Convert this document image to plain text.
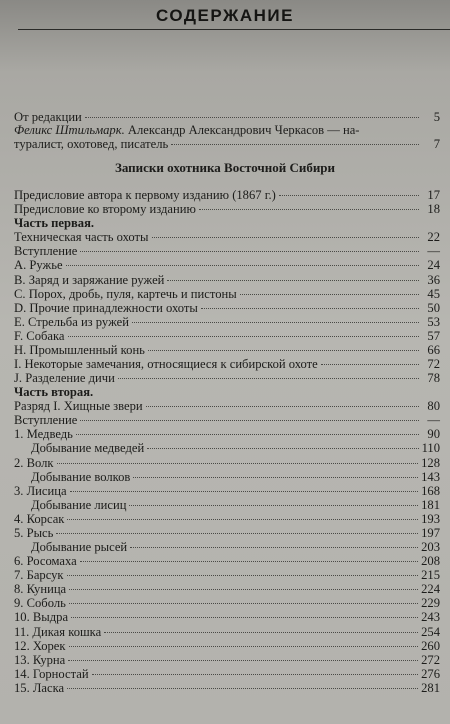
СОДЕРЖАНИЕ
От редакции	5
Феликс Штильмарк. Александр Александрович Черкасов — на-
туралист, охотовед, писатель	7
Записки охотника Восточной Сибири
Предисловие автора к первому изданию (1867 г.)	17
Предисловие ко второму изданию	18
Часть первая.
Техническая часть охоты	22
Вступление	—
A. Ружье	24
B. Заряд и заряжание ружей	36
C. Порох, дробь, пуля, картечь и пистоны	45
D. Прочие принадлежности охоты	50
E. Стрельба из ружей	53
F. Собака	57
H. Промышленный конь	66
I. Некоторые замечания, относящиеся к сибирской охоте	72
J. Разделение дичи	78
Часть вторая.
Разряд I. Хищные звери	80
Вступление	—
1. Медведь	90
Добывание медведей	110
2. Волк	128
Добывание волков	143
3. Лисица	168
Добывание лисиц	181
4. Корсак	193
5. Рысь	197
Добывание рысей	203
6. Росомаха	208
7. Барсук	215
8. Куница	224
9. Соболь	229
10. Выдра	243
11. Дикая кошка	254
12. Хорек	260
13. Курна	272
14. Горностай	276
15. Ласка	281
